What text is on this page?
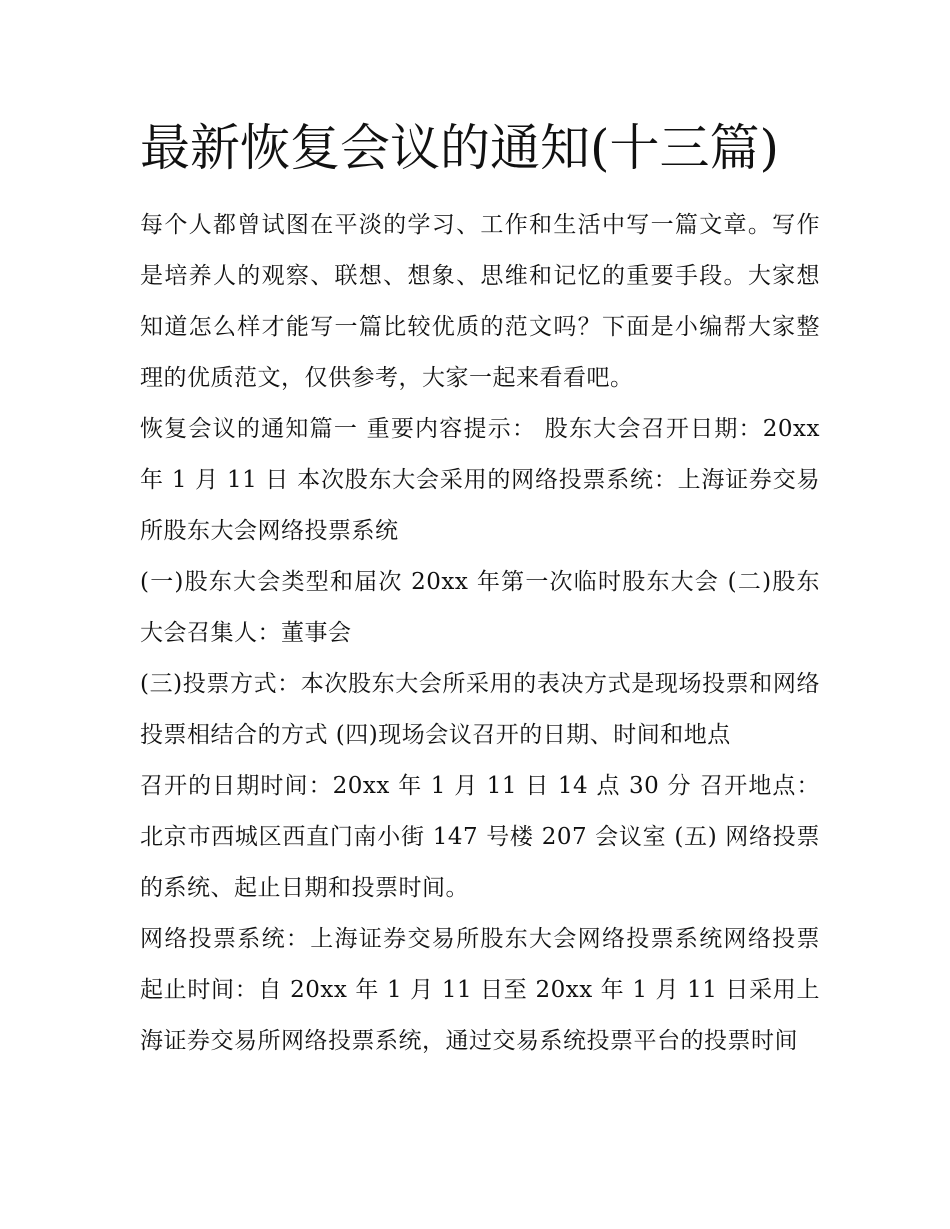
最新恢复会议的通知(十三篇)

每个人都曾试图在平淡的学习、工作和生活中写一篇文章。写作是培养人的观察、联想、想象、思维和记忆的重要手段。大家想知道怎么样才能写一篇比较优质的范文吗？下面是小编帮大家整理的优质范文，仅供参考，大家一起来看看吧。

恢复会议的通知篇一 重要内容提示： 股东大会召开日期：20xx 年 1 月 11 日 本次股东大会采用的网络投票系统：上海证券交易所股东大会网络投票系统

(一)股东大会类型和届次 20xx 年第一次临时股东大会 (二)股东大会召集人：董事会

(三)投票方式：本次股东大会所采用的表决方式是现场投票和网络投票相结合的方式 (四)现场会议召开的日期、时间和地点

召开的日期时间：20xx 年 1 月 11 日 14 点 30 分 召开地点：北京市西城区西直门南小街 147 号楼 207 会议室 (五) 网络投票的系统、起止日期和投票时间。

网络投票系统：上海证券交易所股东大会网络投票系统网络投票起止时间：自 20xx 年 1 月 11 日至 20xx 年 1 月 11 日采用上海证券交易所网络投票系统，通过交易系统投票平台的投票时间
